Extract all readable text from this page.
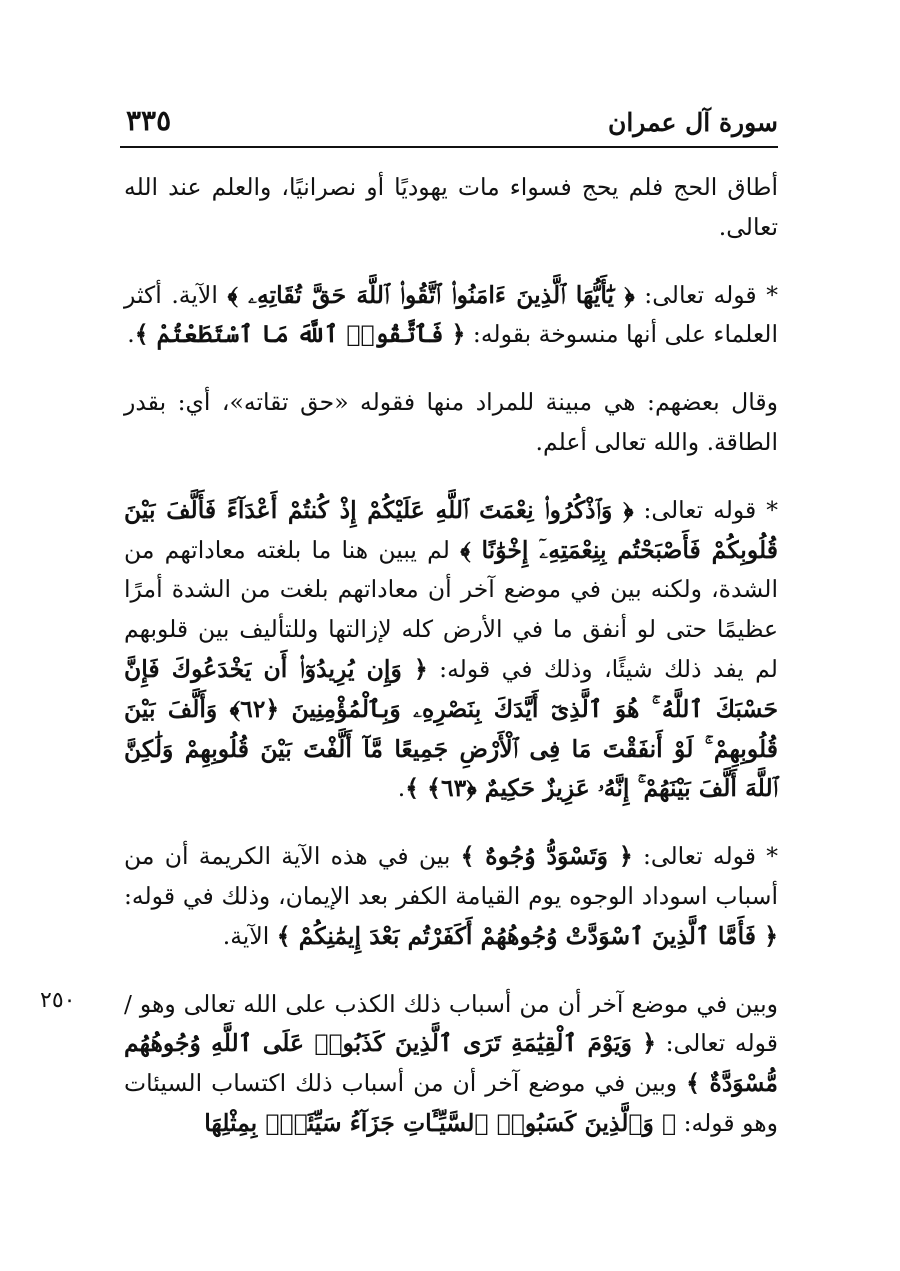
سورة آل عمران
٣٣٥
٢٥٠

أطاق الحج فلم يحج فسواء مات يهوديًا أو نصرانيًا، والعلم عند الله تعالى.

* قوله تعالى: ﴿ يَٰٓأَيُّهَا ٱلَّذِينَ ءَامَنُوا۟ ٱتَّقُوا۟ ٱللَّهَ حَقَّ تُقَاتِهِۦ ﴾ الآية. أكثر العلماء على أنها منسوخة بقوله: ﴿ فَٱتَّقُوا۟ ٱللَّهَ مَا ٱسْتَطَعْتُمْ ﴾.

وقال بعضهم: هي مبينة للمراد منها فقوله «حق تقاته»، أي: بقدر الطاقة. والله تعالى أعلم.

* قوله تعالى: ﴿ وَٱذْكُرُوا۟ نِعْمَتَ ٱللَّهِ عَلَيْكُمْ إِذْ كُنتُمْ أَعْدَآءً فَأَلَّفَ بَيْنَ قُلُوبِكُمْ فَأَصْبَحْتُم بِنِعْمَتِهِۦٓ إِخْوَٰنًا ﴾ لم يبين هنا ما بلغته معاداتهم من الشدة، ولكنه بين في موضع آخر أن معاداتهم بلغت من الشدة أمرًا عظيمًا حتى لو أنفق ما في الأرض كله لإزالتها وللتأليف بين قلوبهم لم يفد ذلك شيئًا، وذلك في قوله: ﴿ وَإِن يُرِيدُوٓا۟ أَن يَخْدَعُوكَ فَإِنَّ حَسْبَكَ ٱللَّهُ ۚ هُوَ ٱلَّذِىٓ أَيَّدَكَ بِنَصْرِهِۦ وَبِٱلْمُؤْمِنِينَ ﴿٦٢﴾ وَأَلَّفَ بَيْنَ قُلُوبِهِمْ ۚ لَوْ أَنفَقْتَ مَا فِى ٱلْأَرْضِ جَمِيعًا مَّآ أَلَّفْتَ بَيْنَ قُلُوبِهِمْ وَلَٰكِنَّ ٱللَّهَ أَلَّفَ بَيْنَهُمْ ۚ إِنَّهُۥ عَزِيزٌ حَكِيمٌ ﴿٦٣﴾ ﴾.

* قوله تعالى: ﴿ وَتَسْوَدُّ وُجُوهٌ ﴾ بين في هذه الآية الكريمة أن من أسباب اسوداد الوجوه يوم القيامة الكفر بعد الإيمان، وذلك في قوله: ﴿ فَأَمَّا ٱلَّذِينَ ٱسْوَدَّتْ وُجُوهُهُمْ أَكَفَرْتُم بَعْدَ إِيمَٰنِكُمْ ﴾ الآية.

وبين في موضع آخر أن من أسباب ذلك الكذب على الله تعالى وهو / قوله تعالى: ﴿ وَيَوْمَ ٱلْقِيَٰمَةِ تَرَى ٱلَّذِينَ كَذَبُوا۟ عَلَى ٱللَّهِ وُجُوهُهُم مُّسْوَدَّةٌ ﴾ وبين في موضع آخر أن من أسباب ذلك اكتساب السيئات وهو قوله: ﴿ وَٱلَّذِينَ كَسَبُوا۟ ٱلسَّيِّـَٔاتِ جَزَآءُ سَيِّئَةٍۭ بِمِثْلِهَا
